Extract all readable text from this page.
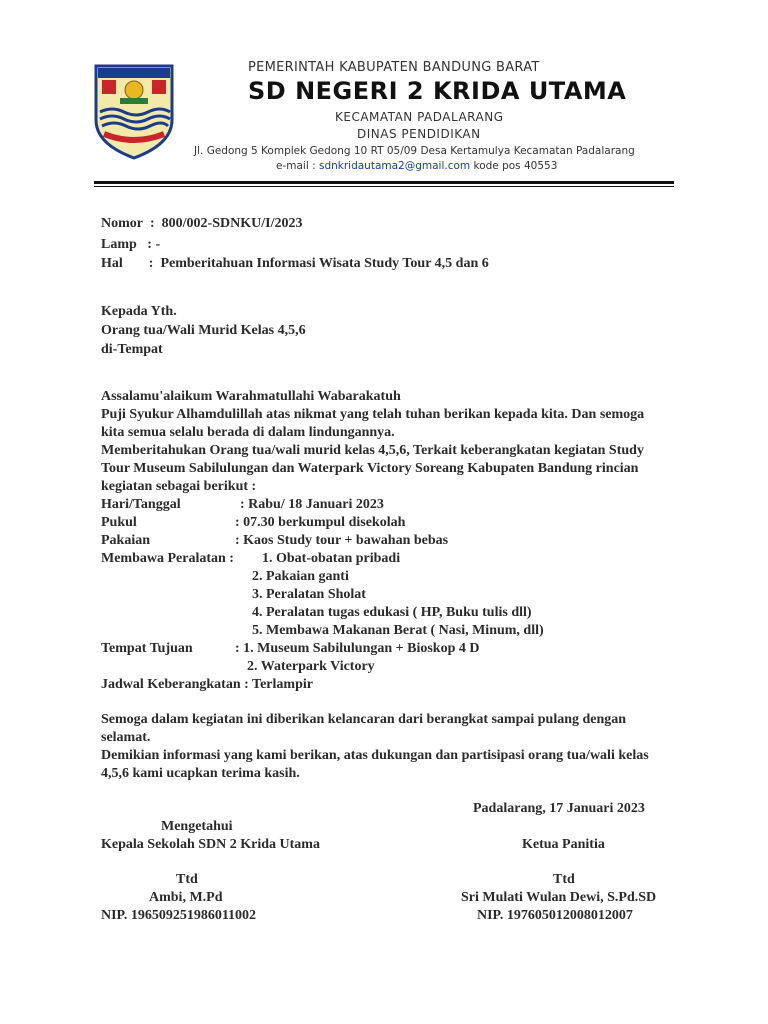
PEMERINTAH KABUPATEN BANDUNG BARAT
SD NEGERI 2 KRIDA UTAMA
KECAMATAN PADALARANG
DINAS PENDIDIKAN
Jl. Gedong 5 Komplek Gedong 10 RT 05/09 Desa Kertamulya Kecamatan Padalarang
e-mail : sdnkridautama2@gmail.com kode pos 40553
Nomor  :  800/002-SDNKU/I/2023
Lamp   : -
Hal :  Pemberitahuan Informasi Wisata Study Tour 4,5 dan 6
Kepada Yth.
Orang tua/Wali Murid Kelas 4,5,6
di-Tempat
Assalamu'alaikum Warahmatullahi Wabarakatuh
Puji Syukur Alhamdulillah atas nikmat yang telah tuhan berikan kepada kita. Dan semoga
kita semua selalu berada di dalam lindungannya.
Memberitahukan Orang tua/wali murid kelas 4,5,6, Terkait keberangkatan kegiatan Study
Tour Museum Sabilulungan dan Waterpark Victory Soreang Kabupaten Bandung rincian
kegiatan sebagai berikut :
Hari/Tanggal	: Rabu/ 18 Januari 2023
Pukul	: 07.30 berkumpul disekolah
Pakaian	: Kaos Study tour + bawahan bebas
Membawa Peralatan : 1. Obat-obatan pribadi
2. Pakaian ganti
3. Peralatan Sholat
4. Peralatan tugas edukasi ( HP, Buku tulis dll)
5. Membawa Makanan Berat ( Nasi, Minum, dll)
Tempat Tujuan	: 1. Museum Sabilulungan + Bioskop 4 D
2. Waterpark Victory
Jadwal Keberangkatan : Terlampir
Semoga dalam kegiatan ini diberikan kelancaran dari berangkat sampai pulang dengan
selamat.
Demikian informasi yang kami berikan, atas dukungan dan partisipasi orang tua/wali kelas
4,5,6 kami ucapkan terima kasih.
Padalarang, 17 Januari 2023
Mengetahui
Kepala Sekolah SDN 2 Krida Utama	Ketua Panitia
Ttd	Ttd
Ambi, M.Pd	Sri Mulati Wulan Dewi, S.Pd.SD
NIP. 196509251986011002	NIP. 197605012008012007
